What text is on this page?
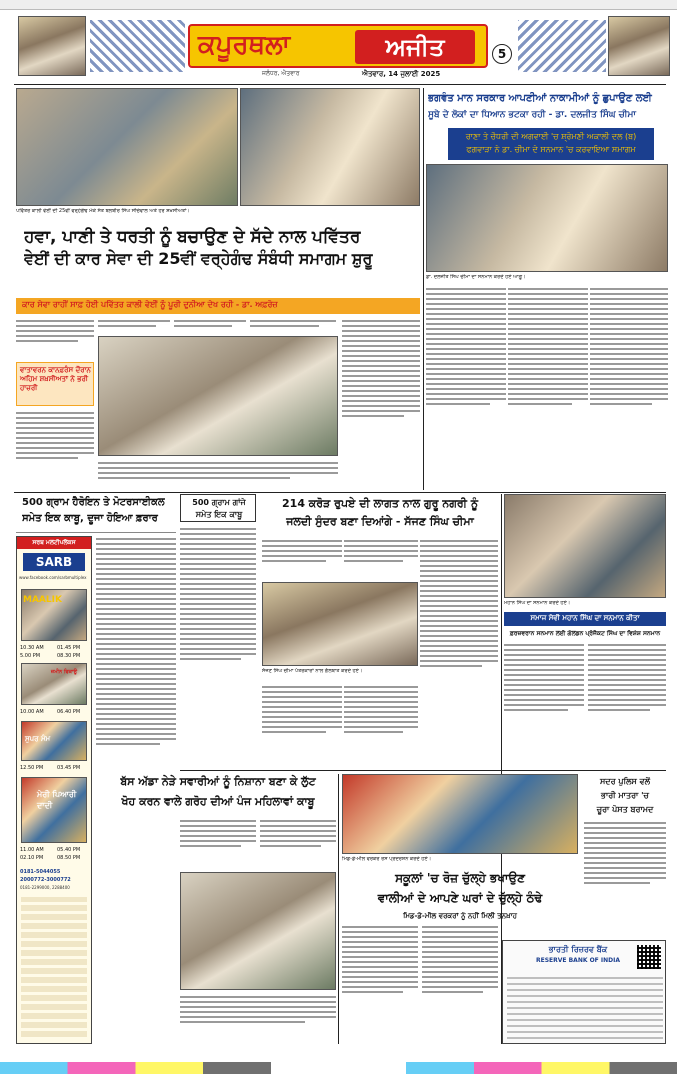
ਕਪੂਰਥਲਾ	ਅਜੀਤ
ਜਲੰਧਰ, ਐਤਵਾਰ	ਐਤਵਾਰ, 14 ਜੁਲਾਈ 2025
5
ਪਵਿੱਤਰ ਕਾਲੀ ਵੇਈਂ ਦੀ 25ਵੀਂ ਵਰ੍ਹੇਗੰਢ ਮੌਕੇ ਸੰਤ ਬਲਬੀਰ ਸਿੰਘ ਸੀਚੇਵਾਲ ਅਤੇ ਹੋਰ ਸ਼ਖ਼ਸੀਅਤਾਂ।
ਹਵਾ, ਪਾਣੀ ਤੇ ਧਰਤੀ ਨੂੰ ਬਚਾਉਣ ਦੇ ਸੱਦੇ ਨਾਲ ਪਵਿੱਤਰ
ਵੇਈਂ ਦੀ ਕਾਰ ਸੇਵਾ ਦੀ 25ਵੀਂ ਵਰ੍ਹੇਗੰਢ ਸੰਬੰਧੀ ਸਮਾਗਮ ਸ਼ੁਰੂ
ਕਾਰ ਸੇਵਾ ਰਾਹੀਂ ਸਾਫ਼ ਹੋਈ ਪਵਿੱਤਰ ਕਾਲੀ ਵੇਈਂ ਨੂੰ ਪੂਰੀ ਦੁਨੀਆ ਦੇਖ ਰਹੀ - ਡਾ. ਅਫ਼ਰੋਜ਼
ਵਾਤਾਵਰਨ ਕਾਨਫ਼ਰੰਸ ਦੌਰਾਨ ਅਹਿਮ ਸ਼ਖ਼ਸੀਅਤਾਂ ਨੇ ਭਰੀ ਹਾਜ਼ਰੀ
ਭਗਵੰਤ ਮਾਨ ਸਰਕਾਰ ਆਪਣੀਆਂ ਨਾਕਾਮੀਆਂ ਨੂੰ ਛੁਪਾਉਣ ਲਈ
ਸੂਬੇ ਦੇ ਲੋਕਾਂ ਦਾ ਧਿਆਨ ਭਟਕਾ ਰਹੀ - ਡਾ. ਦਲਜੀਤ ਸਿੰਘ ਚੀਮਾ
ਰਾਣਾ ਤੇ ਚੌਧਰੀ ਦੀ ਅਗਵਾਈ 'ਚ ਸ਼੍ਰੋਮਣੀ ਅਕਾਲੀ ਦਲ (ਬ)
ਫਗਵਾੜਾ ਨੇ ਡਾ. ਚੀਮਾ ਦੇ ਸਨਮਾਨ 'ਚ ਕਰਵਾਇਆ ਸਮਾਗਮ
ਡਾ. ਦਲਜੀਤ ਸਿੰਘ ਚੀਮਾ ਦਾ ਸਨਮਾਨ ਕਰਦੇ ਹੋਏ ਆਗੂ।
500 ਗ੍ਰਾਮ ਹੈਰੋਇਨ ਤੇ ਮੋਟਰਸਾਈਕਲ
ਸਮੇਤ ਇਕ ਕਾਬੂ, ਦੂਜਾ ਹੋਇਆ ਫ਼ਰਾਰ
ਸਰਬ ਮਲਟੀਪਲੈਕਸ
SARB
www.facebook.com/sarbmultiplex
MAALIK
10.30 AM	01.45 PM
5.00 PM	08.30 PM
ਜ਼ਮੀਨ ਵਿਕਾਊ
10.00 AM	06.40 PM
ਸੁਪਰ ਮੰਮ
12.50 PM	03.45 PM
ਮੇਰੀ ਪਿਆਰੀ ਦਾਦੀ
11.00 AM	05.40 PM
02.10 PM	08.50 PM
0181-5044055
2000772-3000772
0181-2299000, 2288400
500 ਗ੍ਰਾਮ ਗਾਂਜੇ
ਸਮੇਤ ਇਕ ਕਾਬੂ
214 ਕਰੋੜ ਰੁਪਏ ਦੀ ਲਾਗਤ ਨਾਲ ਗੁਰੂ ਨਗਰੀ ਨੂੰ
ਜਲਦੀ ਸੁੰਦਰ ਬਣਾ ਦਿਆਂਗੇ - ਸੱਜਣ ਸਿੰਘ ਚੀਮਾ
ਸੱਜਣ ਸਿੰਘ ਚੀਮਾ ਪੱਤਰਕਾਰਾਂ ਨਾਲ ਗੱਲਬਾਤ ਕਰਦੇ ਹੋਏ।
ਮਹਾਨ ਸਿੰਘ ਦਾ ਸਨਮਾਨ ਕਰਦੇ ਹੋਏ।
ਸਮਾਜ ਸੇਵੀ ਮਹਾਨ ਸਿੰਘ ਦਾ ਸਨਮਾਨ ਕੀਤਾ
ਫ਼ਰਜ਼ਵਰਾਨ ਸਨਮਾਨ ਲਈ ਗੋਲਡਨ ਪ੍ਰੋਜੈਕਟ ਸਿੰਘ ਦਾ ਵਿਸ਼ੇਸ਼ ਸਨਮਾਨ
ਬੱਸ ਅੱਡਾ ਨੇੜੇ ਸਵਾਰੀਆਂ ਨੂੰ ਨਿਸ਼ਾਨਾ ਬਣਾ ਕੇ ਲੁੱਟ
ਖੋਹ ਕਰਨ ਵਾਲੇ ਗਰੋਹ ਦੀਆਂ ਪੰਜ ਮਹਿਲਾਵਾਂ ਕਾਬੂ
ਮਿਡ-ਡੇ-ਮੀਲ ਵਰਕਰ ਰੋਸ ਪ੍ਰਦਰਸ਼ਨ ਕਰਦੇ ਹੋਏ।
ਸਕੂਲਾਂ 'ਚ ਰੋਜ਼ ਚੁੱਲ੍ਹੇ ਭਖਾਉਣ
ਵਾਲੀਆਂ ਦੇ ਆਪਣੇ ਘਰਾਂ ਦੇ ਚੁੱਲ੍ਹੇ ਠੰਢੇ
ਮਿਡ-ਡੇ-ਮੀਲ ਵਰਕਰਾਂ ਨੂੰ ਨਹੀਂ ਮਿਲੀ ਤਨਖ਼ਾਹ
ਸਦਰ ਪੁਲਿਸ ਵਲੋਂ
ਭਾਰੀ ਮਾਤਰਾ 'ਚ
ਚੂਰਾ ਪੋਸਤ ਬਰਾਮਦ
ਭਾਰਤੀ ਰਿਜ਼ਰਵ ਬੈਂਕ
RESERVE BANK OF INDIA
